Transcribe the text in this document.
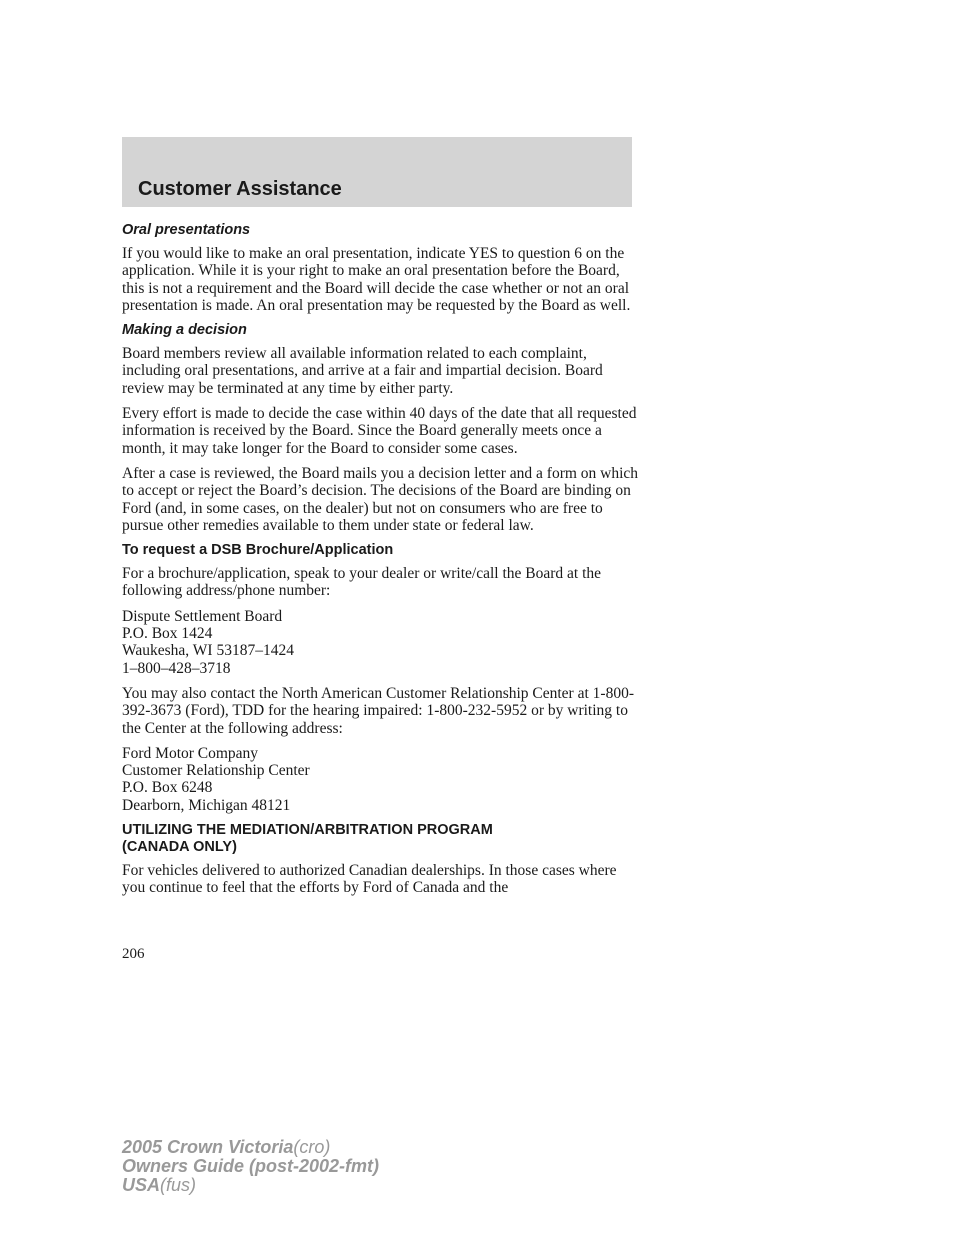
Customer Assistance
Oral presentations

If you would like to make an oral presentation, indicate YES to question 6 on the application. While it is your right to make an oral presentation before the Board, this is not a requirement and the Board will decide the case whether or not an oral presentation is made. An oral presentation may be requested by the Board as well.

Making a decision

Board members review all available information related to each complaint, including oral presentations, and arrive at a fair and impartial decision. Board review may be terminated at any time by either party.

Every effort is made to decide the case within 40 days of the date that all requested information is received by the Board. Since the Board generally meets once a month, it may take longer for the Board to consider some cases.

After a case is reviewed, the Board mails you a decision letter and a form on which to accept or reject the Board’s decision. The decisions of the Board are binding on Ford (and, in some cases, on the dealer) but not on consumers who are free to pursue other remedies available to them under state or federal law.

To request a DSB Brochure/Application

For a brochure/application, speak to your dealer or write/call the Board at the following address/phone number:

Dispute Settlement Board
P.O. Box 1424
Waukesha, WI 53187–1424
1–800–428–3718

You may also contact the North American Customer Relationship Center at 1-800-392-3673 (Ford), TDD for the hearing impaired: 1-800-232-5952 or by writing to the Center at the following address:

Ford Motor Company
Customer Relationship Center
P.O. Box 6248
Dearborn, Michigan 48121

UTILIZING THE MEDIATION/ARBITRATION PROGRAM
(CANADA ONLY)

For vehicles delivered to authorized Canadian dealerships. In those cases where you continue to feel that the efforts by Ford of Canada and the

206

2005 Crown Victoria(cro)
Owners Guide (post-2002-fmt)
USA(fus)
